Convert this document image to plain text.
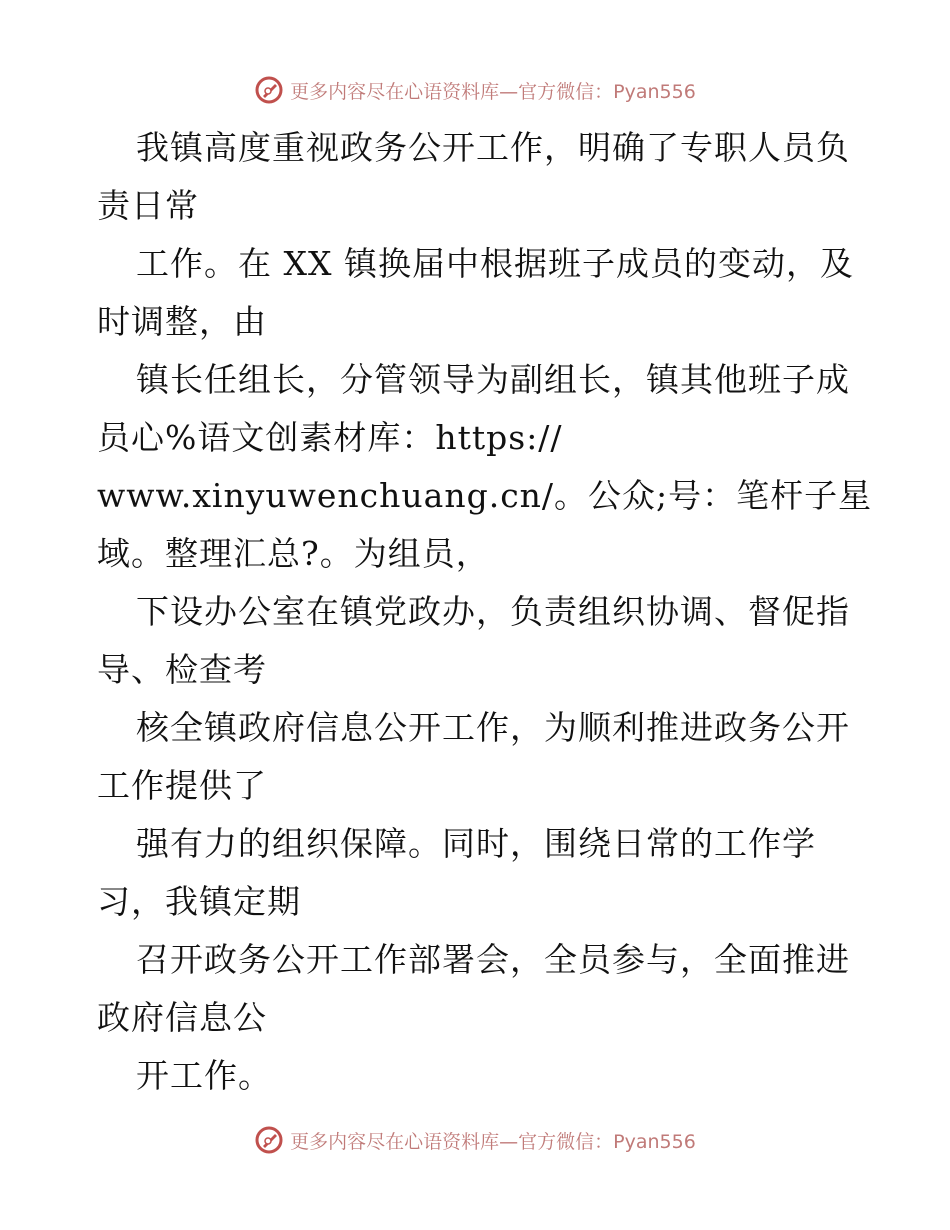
更多内容尽在心语资料库—官方微信：Pyan556
我镇高度重视政务公开工作，明确了专职人员负
责日常
工作。在 XX 镇换届中根据班子成员的变动，及
时调整，由
镇长任组长，分管领导为副组长，镇其他班子成
员心%语文创素材库：https://
www.xinyuwenchuang.cn/。公众;号：笔杆子星
域。整理汇总?。为组员，
下设办公室在镇党政办，负责组织协调、督促指
导、检查考
核全镇政府信息公开工作，为顺利推进政务公开
工作提供了
强有力的组织保障。同时，围绕日常的工作学
习，我镇定期
召开政务公开工作部署会，全员参与，全面推进
政府信息公
开工作。
更多内容尽在心语资料库—官方微信：Pyan556
